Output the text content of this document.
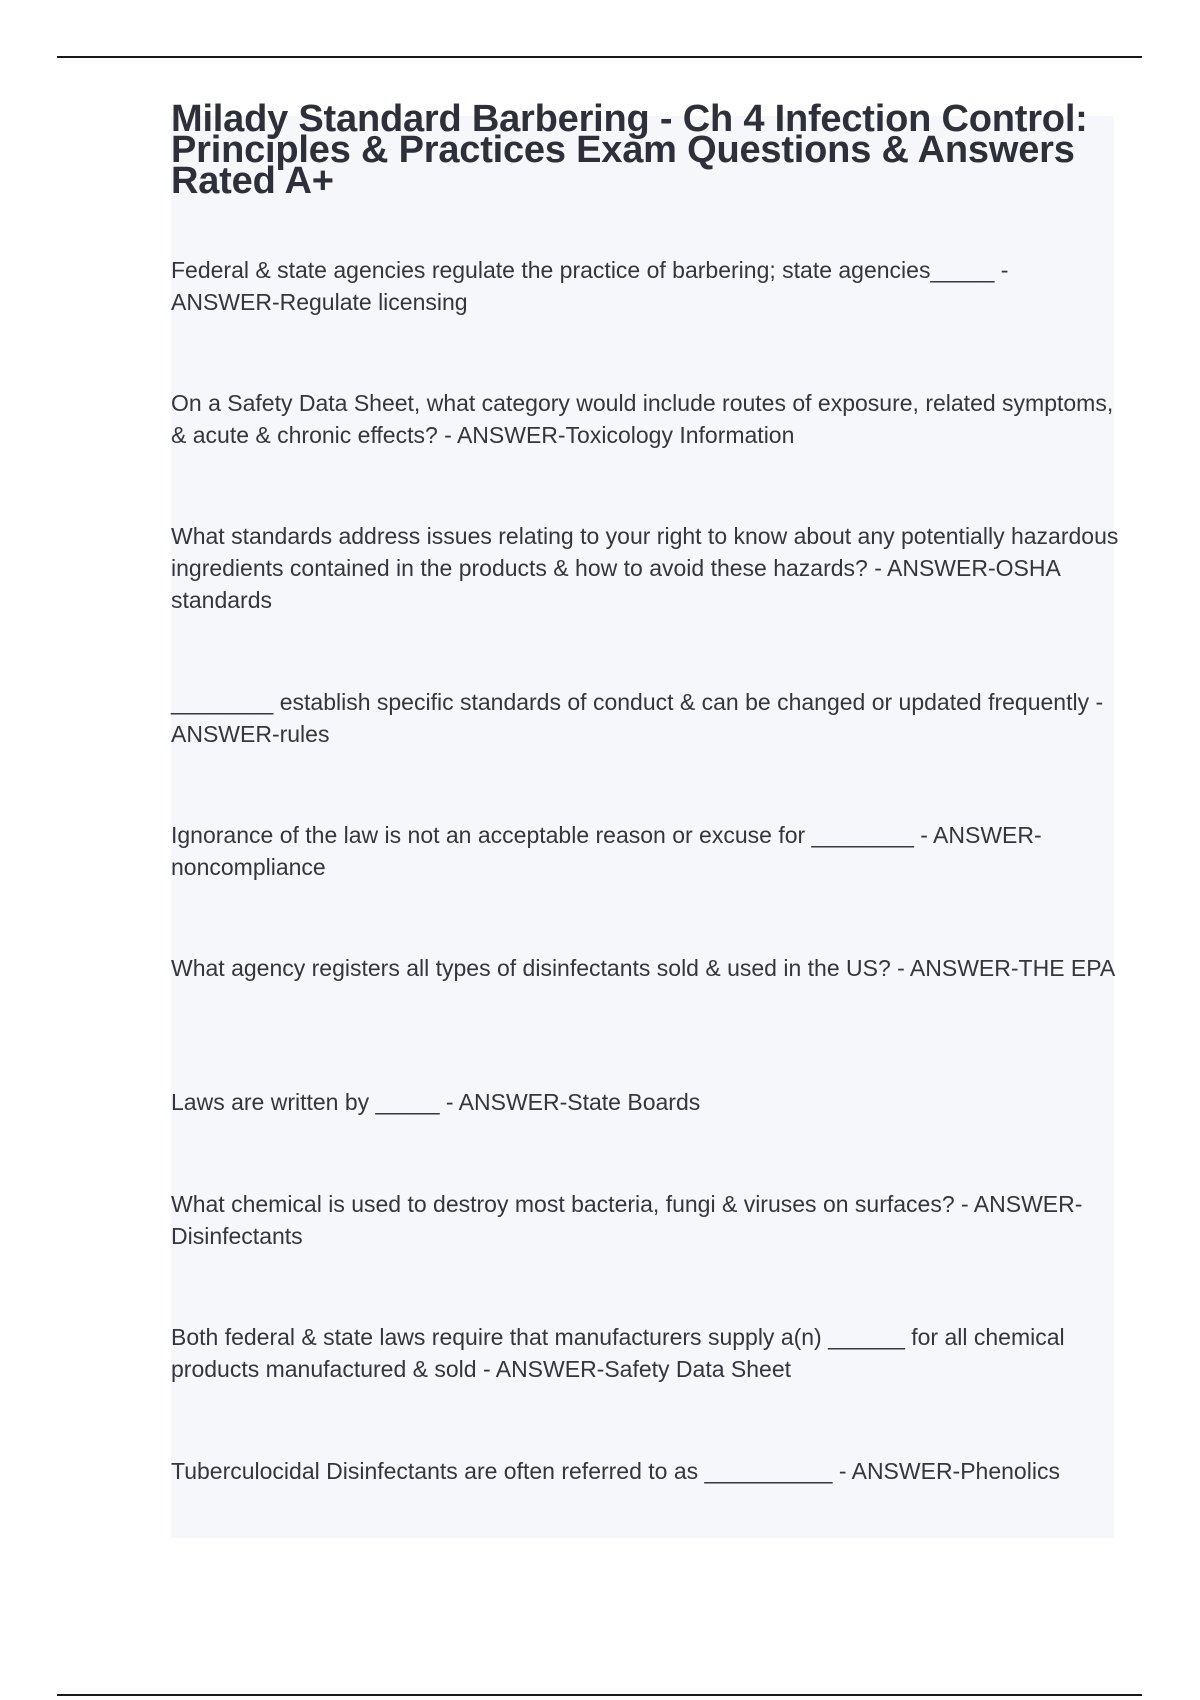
Milady Standard Barbering - Ch 4 Infection Control: Principles & Practices Exam Questions & Answers Rated A+

Federal & state agencies regulate the practice of barbering; state agencies_____ - ANSWER-Regulate licensing

On a Safety Data Sheet, what category would include routes of exposure, related symptoms, & acute & chronic effects? - ANSWER-Toxicology Information

What standards address issues relating to your right to know about any potentially hazardous ingredients contained in the products & how to avoid these hazards? - ANSWER-OSHA standards

________ establish specific standards of conduct & can be changed or updated frequently - ANSWER-rules

Ignorance of the law is not an acceptable reason or excuse for ________ - ANSWER-noncompliance

What agency registers all types of disinfectants sold & used in the US? - ANSWER-THE EPA

Laws are written by _____ - ANSWER-State Boards

What chemical is used to destroy most bacteria, fungi & viruses on surfaces? - ANSWER-Disinfectants

Both federal & state laws require that manufacturers supply a(n) ______ for all chemical products manufactured & sold - ANSWER-Safety Data Sheet

Tuberculocidal Disinfectants are often referred to as __________ - ANSWER-Phenolics
